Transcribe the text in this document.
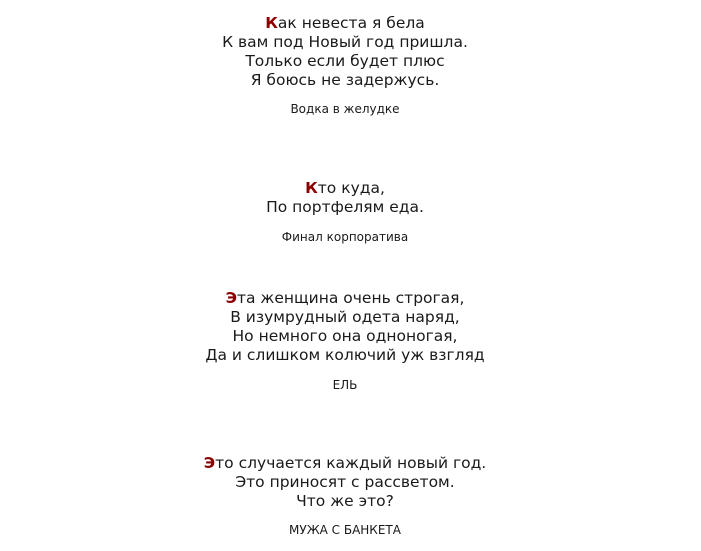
Как невеста я бела
К вам под Новый год пришла.
Только если будет плюс
Я боюсь не задержусь.

Водка в желудке

Кто куда,
По портфелям еда.

Финал корпоратива

Эта женщина очень строгая,
В изумрудный одета наряд,
Но немного она одноногая,
Да и слишком колючий уж взгляд

ЕЛЬ

Это случается каждый новый год.
Это приносят с рассветом.
Что же это?

МУЖА С БАНКЕТА
